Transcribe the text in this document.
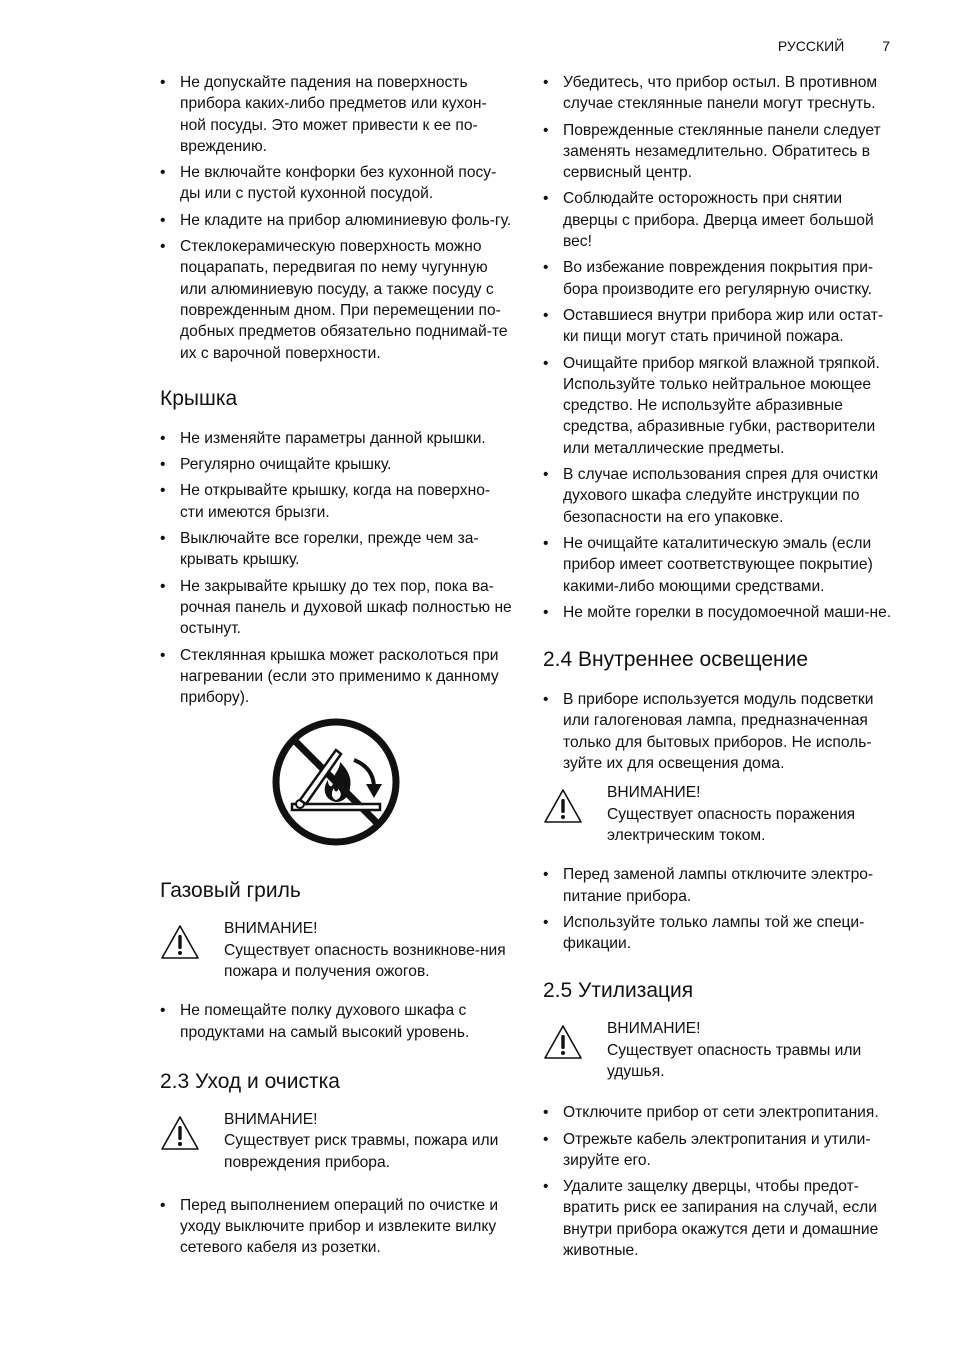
РУССКИЙ	7
• Не допускайте падения на поверхность прибора каких-либо предметов или кухон-ной посуды. Это может привести к ее по-вреждению.
• Не включайте конфорки без кухонной посу-ды или с пустой кухонной посудой.
• Не кладите на прибор алюминиевую фоль-гу.
• Стеклокерамическую поверхность можно поцарапать, передвигая по нему чугунную или алюминиевую посуду, а также посуду с поврежденным дном. При перемещении по-добных предметов обязательно поднимай-те их с варочной поверхности.
Крышка
• Не изменяйте параметры данной крышки.
• Регулярно очищайте крышку.
• Не открывайте крышку, когда на поверхно-сти имеются брызги.
• Выключайте все горелки, прежде чем за-крывать крышку.
• Не закрывайте крышку до тех пор, пока ва-рочная панель и духовой шкаф полностью не остынут.
• Стеклянная крышка может расколоться при нагревании (если это применимо к данному прибору).
Газовый гриль
ВНИМАНИЕ!
Существует опасность возникнове-ния пожара и получения ожогов.
• Не помещайте полку духового шкафа с продуктами на самый высокий уровень.
2.3 Уход и очистка
ВНИМАНИЕ!
Существует риск травмы, пожара или повреждения прибора.
• Перед выполнением операций по очистке и уходу выключите прибор и извлеките вилку сетевого кабеля из розетки.
• Убедитесь, что прибор остыл. В противном случае стеклянные панели могут треснуть.
• Поврежденные стеклянные панели следует заменять незамедлительно. Обратитесь в сервисный центр.
• Соблюдайте осторожность при снятии дверцы с прибора. Дверца имеет большой вес!
• Во избежание повреждения покрытия при-бора производите его регулярную очистку.
• Оставшиеся внутри прибора жир или остат-ки пищи могут стать причиной пожара.
• Очищайте прибор мягкой влажной тряпкой. Используйте только нейтральное моющее средство. Не используйте абразивные средства, абразивные губки, растворители или металлические предметы.
• В случае использования спрея для очистки духового шкафа следуйте инструкции по безопасности на его упаковке.
• Не очищайте каталитическую эмаль (если прибор имеет соответствующее покрытие) какими-либо моющими средствами.
• Не мойте горелки в посудомоечной маши-не.
2.4 Внутреннее освещение
• В приборе используется модуль подсветки или галогеновая лампа, предназначенная только для бытовых приборов. Не исполь-зуйте их для освещения дома.
ВНИМАНИЕ!
Существует опасность поражения электрическим током.
• Перед заменой лампы отключите электро-питание прибора.
• Используйте только лампы той же специ-фикации.
2.5 Утилизация
ВНИМАНИЕ!
Существует опасность травмы или удушья.
• Отключите прибор от сети электропитания.
• Отрежьте кабель электропитания и утили-зируйте его.
• Удалите защелку дверцы, чтобы предот-вратить риск ее запирания на случай, если внутри прибора окажутся дети и домашние животные.
